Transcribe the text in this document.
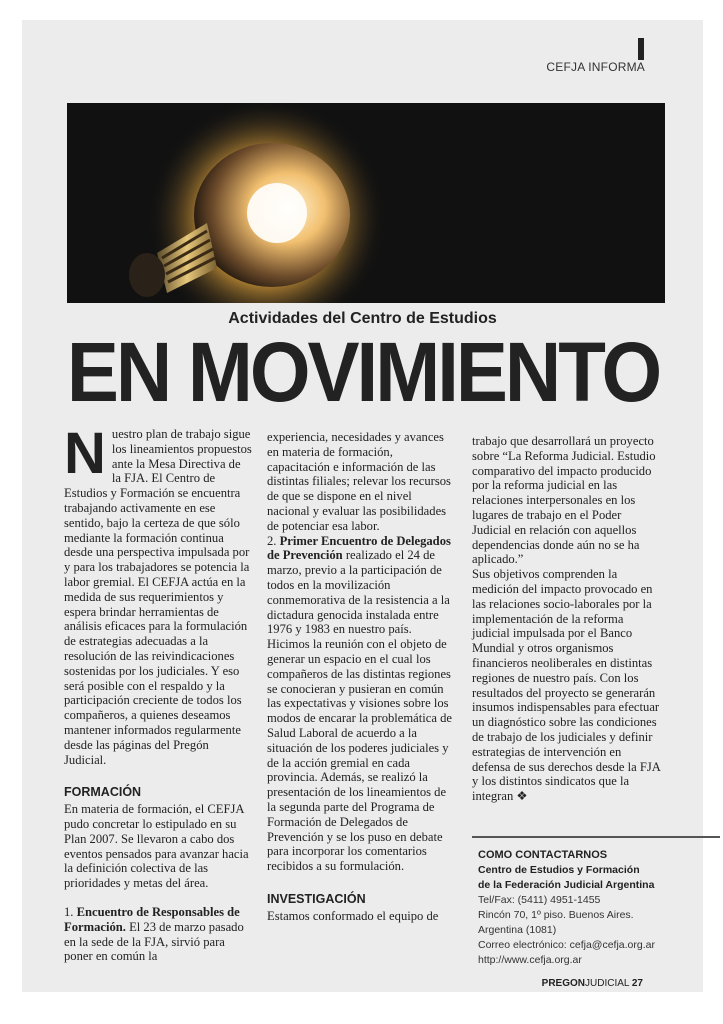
CEFJA INFORMA
Actividades del Centro de Estudios
EN MOVIMIENTO
N uestro plan de trabajo sigue los lineamientos propuestos ante la Mesa Directiva de la FJA. El Centro de Estudios y Formación se encuentra trabajando activamente en ese sentido, bajo la certeza de que sólo mediante la formación continua desde una perspectiva impulsada por y para los trabajadores se potencia la labor gremial. El CEFJA actúa en la medida de sus requerimientos y espera brindar herramientas de análisis eficaces para la formulación de estrategias adecuadas a la resolución de las reivindicaciones sostenidas por los judiciales. Y eso será posible con el respaldo y la participación creciente de todos los compañeros, a quienes deseamos mantener informados regularmente desde las páginas del Pregón Judicial.

FORMACIÓN

En materia de formación, el CEFJA pudo concretar lo estipulado en su Plan 2007. Se llevaron a cabo dos eventos pensados para avanzar hacia la definición colectiva de las prioridades y metas del área.

1. Encuentro de Responsables de Formación. El 23 de marzo pasado en la sede de la FJA, sirvió para poner en común la

experiencia, necesidades y avances en materia de formación, capacitación e información de las distintas filiales; relevar los recursos de que se dispone en el nivel nacional y evaluar las posibilidades de potenciar esa labor.

2. Primer Encuentro de Delegados de Prevención realizado el 24 de marzo, previo a la participación de todos en la movilización conmemorativa de la resistencia a la dictadura genocida instalada entre 1976 y 1983 en nuestro país. Hicimos la reunión con el objeto de generar un espacio en el cual los compañeros de las distintas regiones se conocieran y pusieran en común las expectativas y visiones sobre los modos de encarar la problemática de Salud Laboral de acuerdo a la situación de los poderes judiciales y de la acción gremial en cada provincia. Además, se realizó la presentación de los lineamientos de la segunda parte del Programa de Formación de Delegados de Prevención y se los puso en debate para incorporar los comentarios recibidos a su formulación.

INVESTIGACIÓN

Estamos conformado el equipo de

trabajo que desarrollará un proyecto sobre “La Reforma Judicial. Estudio comparativo del impacto producido por la reforma judicial en las relaciones interpersonales en los lugares de trabajo en el Poder Judicial en relación con aquellos dependencias donde aún no se ha aplicado.”

Sus objetivos comprenden la medición del impacto provocado en las relaciones socio-laborales por la implementación de la reforma judicial impulsada por el Banco Mundial y otros organismos financieros neoliberales en distintas regiones de nuestro país. Con los resultados del proyecto se generarán insumos indispensables para efectuar un diagnóstico sobre las condiciones de trabajo de los judiciales y definir estrategias de intervención en defensa de sus derechos desde la FJA y los distintos sindicatos que la integran ❖

COMO CONTACTARNOS
Centro de Estudios y Formación
de la Federación Judicial Argentina
Tel/Fax: (5411) 4951-1455
Rincón 70, 1º piso. Buenos Aires.
Argentina (1081)
Correo electrónico: cefja@cefja.org.ar
http://www.cefja.org.ar
PREGONJUDICIAL 27
